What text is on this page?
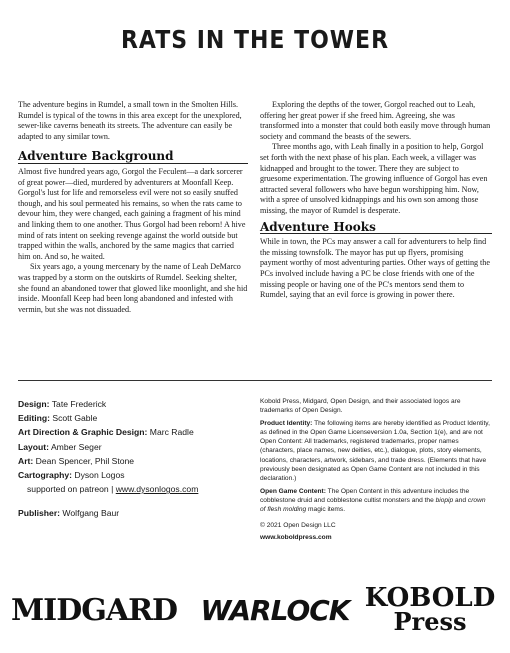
RATS IN THE TOWER

The adventure begins in Rumdel, a small town in the Smolten Hills. Rumdel is typical of the towns in this area except for the unexplored, sewer-like caverns beneath its streets. The adventure can easily be adapted to any similar town.

Adventure Background

Almost five hundred years ago, Gorgol the Feculent—a dark sorcerer of great power—died, murdered by adventurers at Moonfall Keep. Gorgol's lust for life and remorseless evil were not so easily snuffed though, and his soul permeated his remains, so when the rats came to devour him, they were changed, each gaining a fragment of his mind and linking them to one another. Thus Gorgol had been reborn! A hive mind of rats intent on seeking revenge against the world outside but trapped within the walls, anchored by the same magics that carried him on. And so, he waited.

Six years ago, a young mercenary by the name of Leah DeMarco was trapped by a storm on the outskirts of Rumdel. Seeking shelter, she found an abandoned tower that glowed like moonlight, and she hid inside. Moonfall Keep had been long abandoned and infested with vermin, but she was not dissuaded.

Exploring the depths of the tower, Gorgol reached out to Leah, offering her great power if she freed him. Agreeing, she was transformed into a monster that could both easily move through human society and command the beasts of the sewers.

Three months ago, with Leah finally in a position to help, Gorgol set forth with the next phase of his plan. Each week, a villager was kidnapped and brought to the tower. There they are subject to gruesome experimentation. The growing influence of Gorgol has even attracted several followers who have begun worshipping him. Now, with a spree of unsolved kidnappings and his own son among those missing, the mayor of Rumdel is desperate.

Adventure Hooks

While in town, the PCs may answer a call for adventurers to help find the missing townsfolk. The mayor has put up flyers, promising payment worthy of most adventuring parties. Other ways of getting the PCs involved include having a PC be close friends with one of the missing people or having one of the PC's mentors send them to Rumdel, saying that an evil force is growing in power there.

Design: Tate Frederick
Editing: Scott Gable
Art Direction & Graphic Design: Marc Radle
Layout: Amber Seger
Art: Dean Spencer, Phil Stone
Cartography: Dyson Logos
supported on patreon | www.dysonlogos.com
Publisher: Wolfgang Baur

Kobold Press, Midgard, Open Design, and their associated logos are trademarks of Open Design.

Product Identity: The following items are hereby identified as Product Identity, as defined in the Open Game Licenseversion 1.0a, Section 1(e), and are not Open Content: All trademarks, registered trademarks, proper names (characters, place names, new deities, etc.), dialogue, plots, story elements, locations, characters, artwork, sidebars, and trade dress. (Elements that have previously been designated as Open Game Content are not included in this declaration.)

Open Game Content: The Open Content in this adventure includes the cobblestone druid and cobblestone cultist monsters and the biopip and crown of flesh molding magic items.

© 2021 Open Design LLC

www.koboldpress.com

MIDGARD WARLOCK KOBOLD
Press
